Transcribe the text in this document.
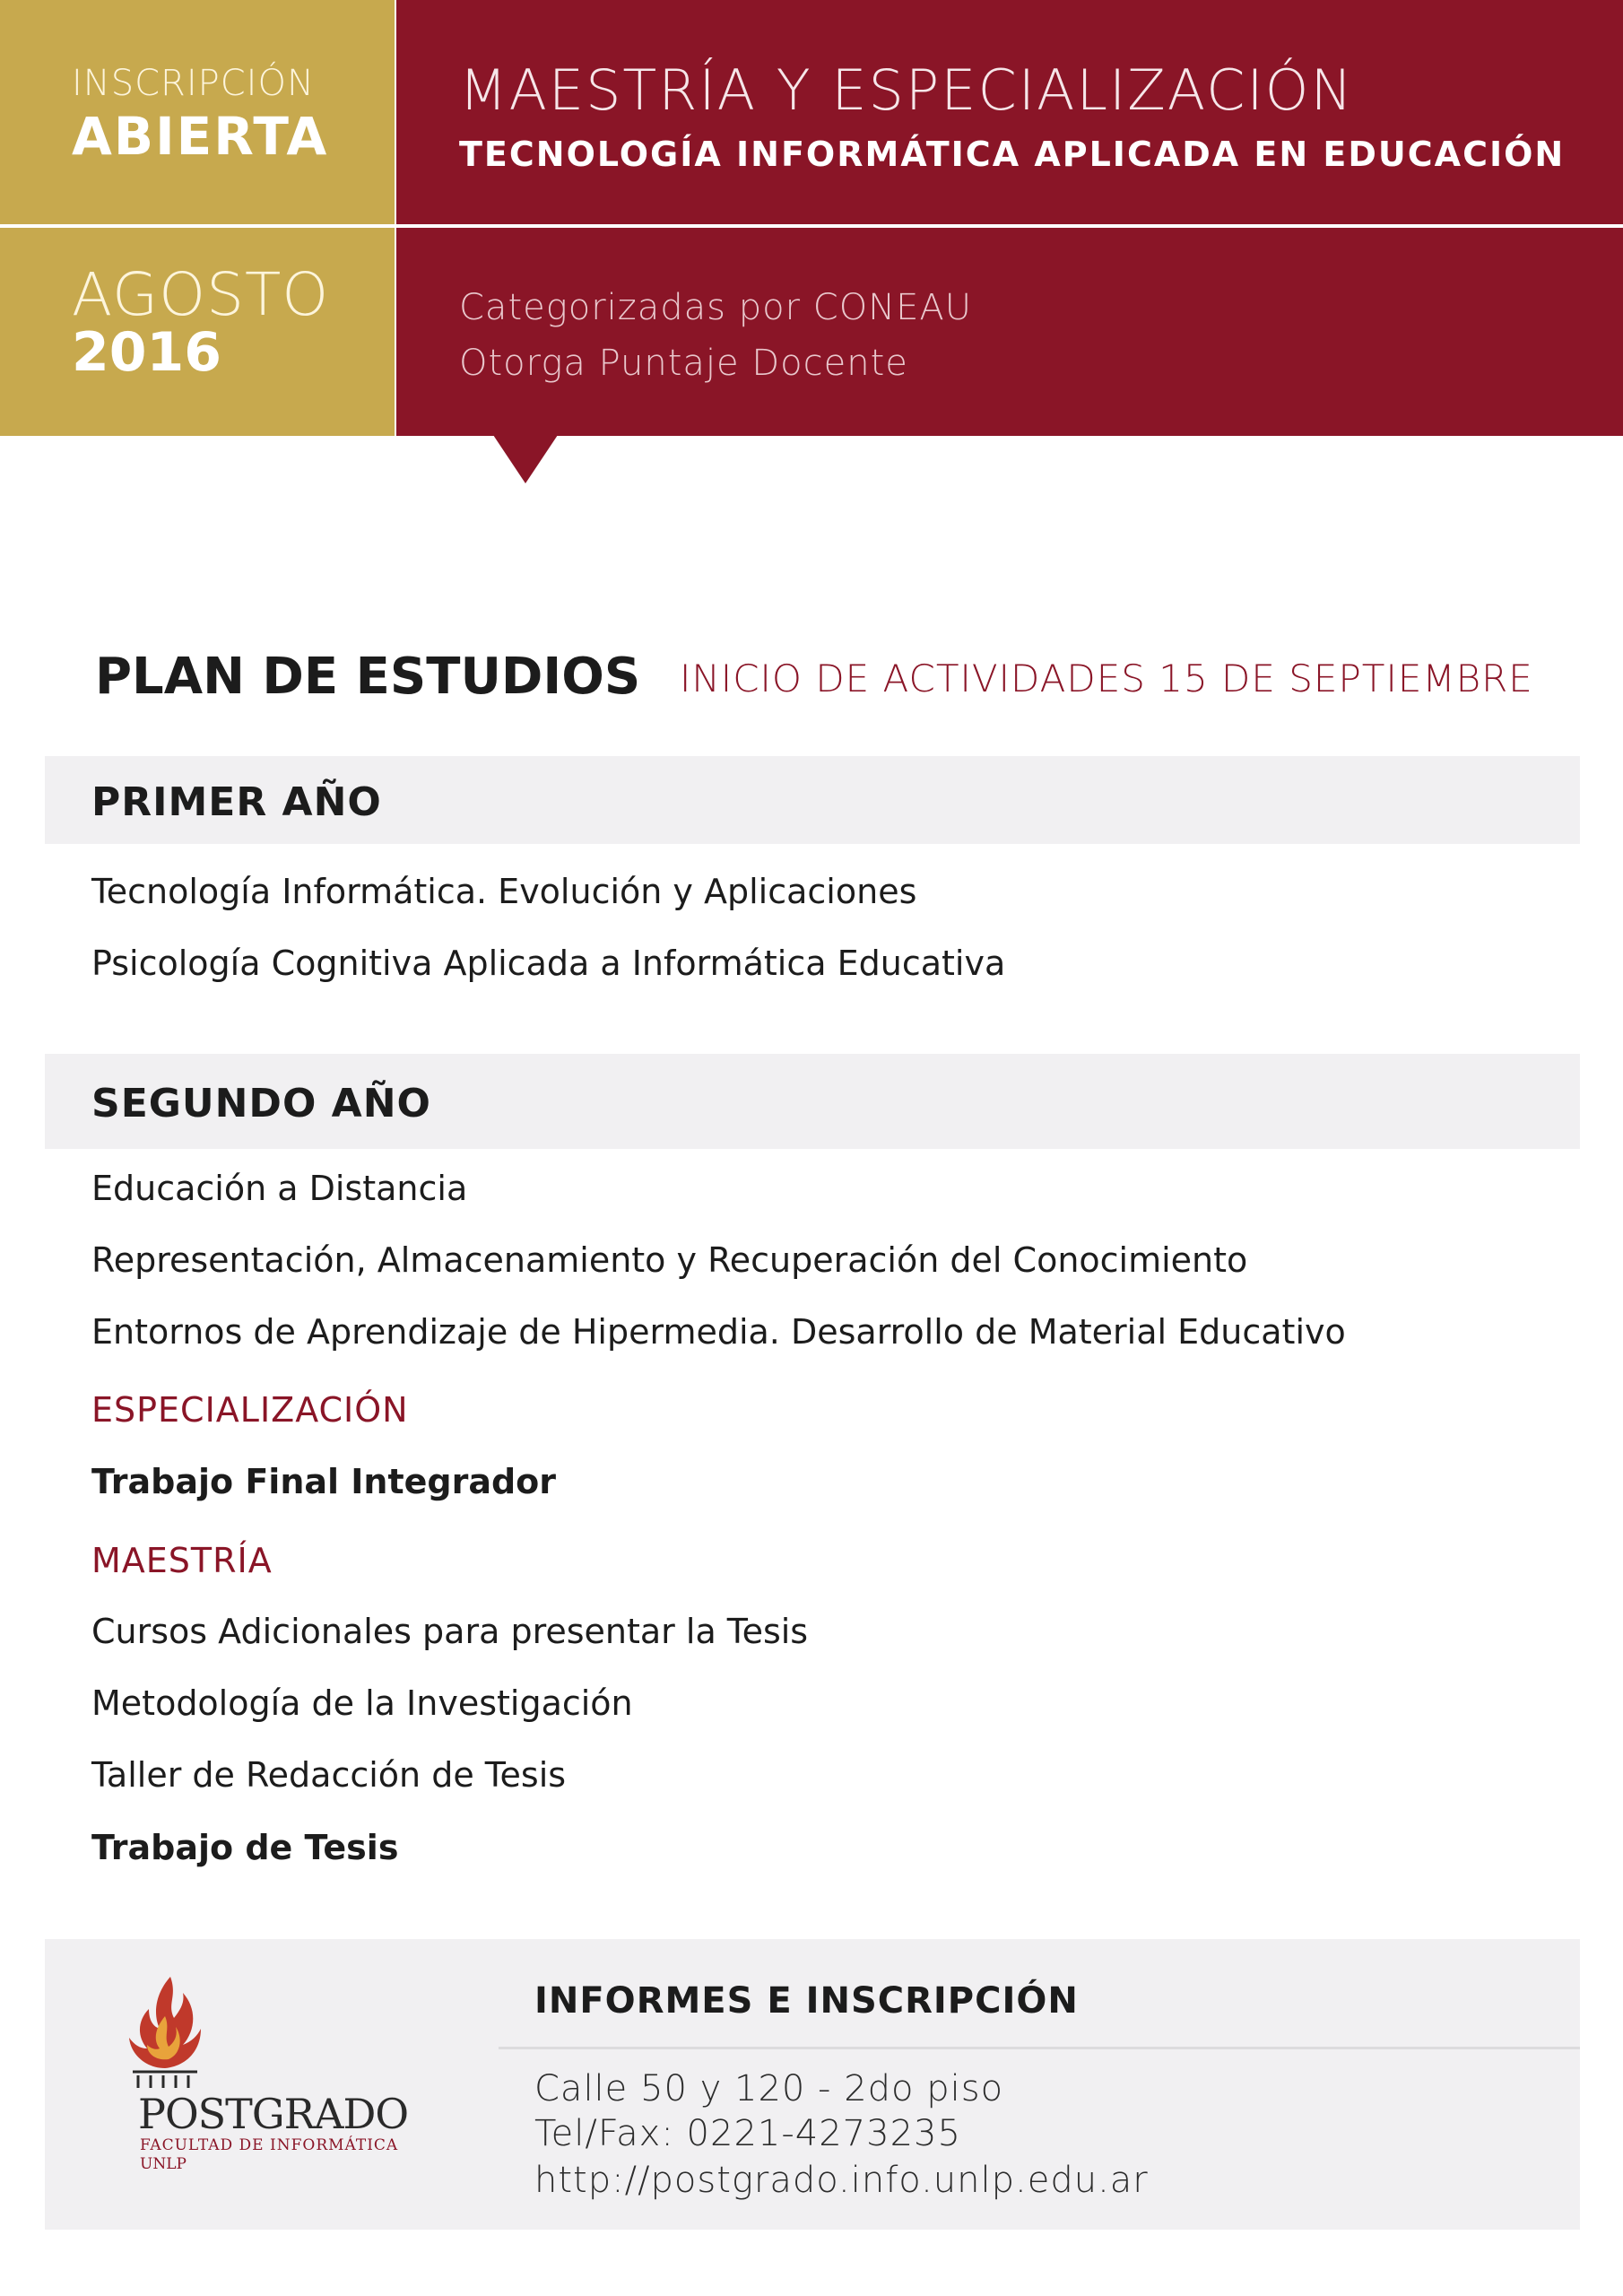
INSCRIPCIÓN
ABIERTA
AGOSTO
2016
MAESTRÍA Y ESPECIALIZACIÓN
TECNOLOGÍA INFORMÁTICA APLICADA EN EDUCACIÓN
Categorizadas por CONEAU
Otorga Puntaje Docente
PLAN DE ESTUDIOS INICIO DE ACTIVIDADES 15 DE SEPTIEMBRE
PRIMER AÑO
Tecnología Informática. Evolución y Aplicaciones
Psicología Cognitiva Aplicada a Informática Educativa
SEGUNDO AÑO
Educación a Distancia
Representación, Almacenamiento y Recuperación del Conocimiento
Entornos de Aprendizaje de Hipermedia. Desarrollo de Material Educativo
ESPECIALIZACIÓN
Trabajo Final Integrador
MAESTRÍA
Cursos Adicionales para presentar la Tesis
Metodología de la Investigación
Taller de Redacción de Tesis
Trabajo de Tesis
POSTGRADO
FACULTAD DE INFORMÁTICA
UNLP
INFORMES E INSCRIPCIÓN
Calle 50 y 120 - 2do piso
Tel/Fax: 0221-4273235
http://postgrado.info.unlp.edu.ar
